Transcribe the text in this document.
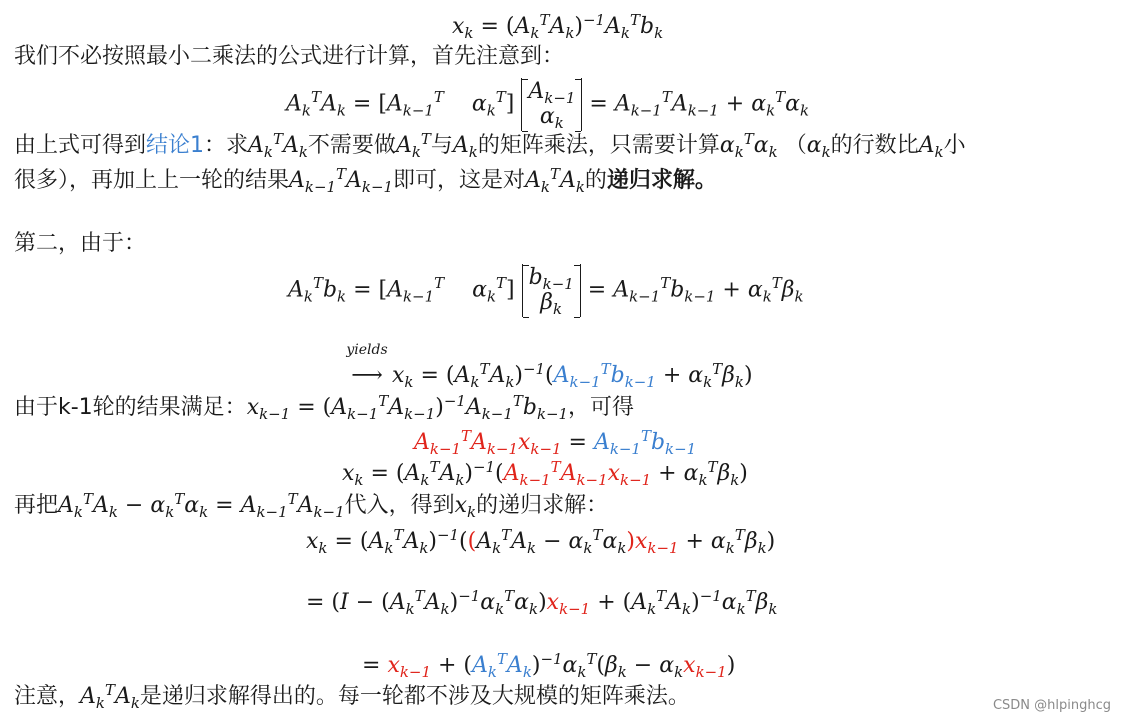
$x_k = (A_k^TA_k)^{-1}A_k^Tb_k$
我们不必按照最小二乘法的公式进行计算，首先注意到：
$A_k^TA_k = [A_{k-1}^T$    $\alpha_k^T$] $A_{k-1}$
$\alpha_k$
= $A_{k-1}^TA_{k-1} + \alpha_k^T\alpha_k$
由上式可得到结论1：求$A_k^TA_k$不需要做$A_k^T$与$A_k$的矩阵乘法，只需要计算$\alpha_k^T\alpha_k$ （$\alpha_k$的行数比$A_k$小
很多），再加上上一轮的结果$A_{k-1}^TA_{k-1}$即可，这是对$A_k^TA_k$的递归求解。
第二，由于：
$A_k^Tb_k = [A_{k-1}^T$    $\alpha_k^T$] $b_{k-1}$
$\beta_k$
= $A_{k-1}^Tb_{k-1} + \alpha_k^T\beta_k$
yields
⟶ $x_k = (A_k^TA_k)^{-1}(A_{k-1}^Tb_{k-1} + \alpha_k^T\beta_k)$
由于k-1轮的结果满足：$x_{k-1} = (A_{k-1}^TA_{k-1})^{-1}A_{k-1}^Tb_{k-1}$，可得
$A_{k-1}^TA_{k-1}x_{k-1} = A_{k-1}^Tb_{k-1}$
$x_k = (A_k^TA_k)^{-1}(A_{k-1}^TA_{k-1}x_{k-1} + \alpha_k^T\beta_k)$
再把$A_k^TA_k - \alpha_k^T\alpha_k = A_{k-1}^TA_{k-1}$代入，得到$x_k$的递归求解：
$x_k = (A_k^TA_k)^{-1}((A_k^TA_k - \alpha_k^T\alpha_k)x_{k-1} + \alpha_k^T\beta_k)$
= $(I - (A_k^TA_k)^{-1}\alpha_k^T\alpha_k)x_{k-1} + (A_k^TA_k)^{-1}\alpha_k^T\beta_k$
= $x_{k-1} + (A_k^TA_k)^{-1}\alpha_k^T(\beta_k - \alpha_kx_{k-1})$
注意，$A_k^TA_k$是递归求解得出的。每一轮都不涉及大规模的矩阵乘法。	CSDN @hlpinghcg
